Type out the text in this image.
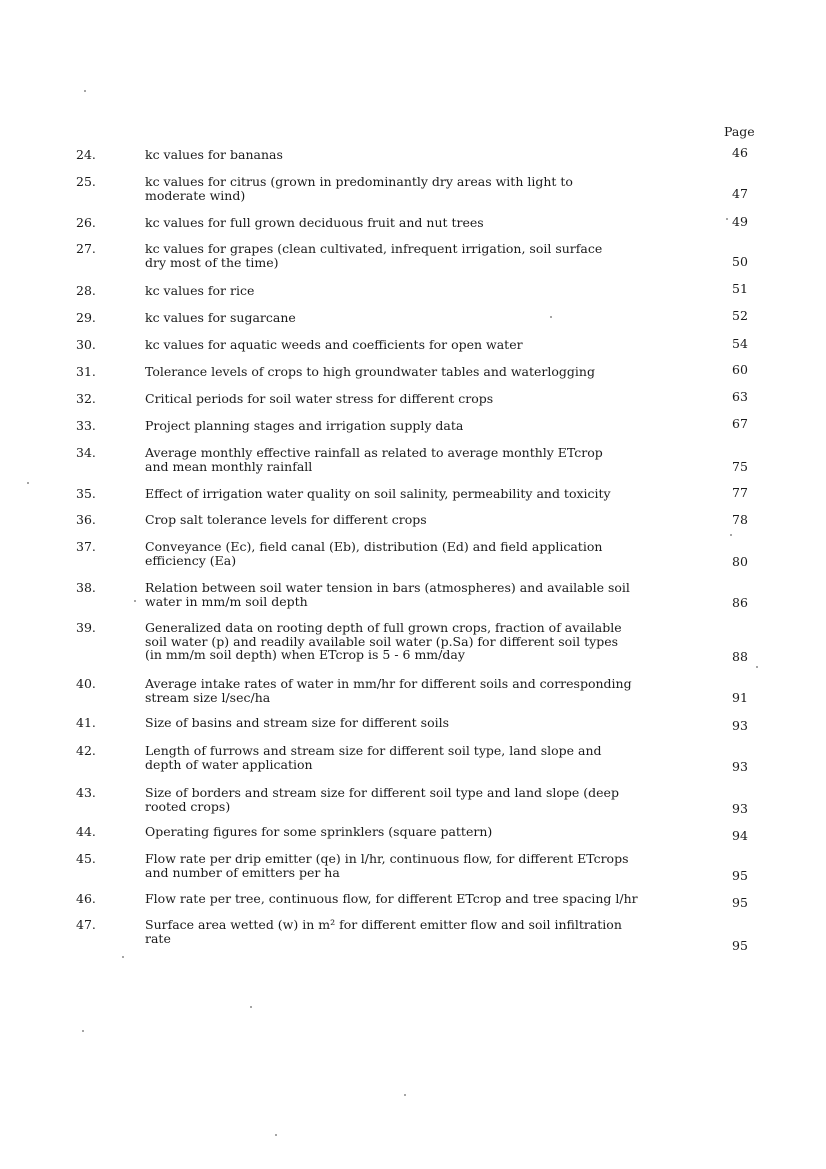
Page
24.	kc values for bananas	46
25.	kc values for citrus (grown in predominantly dry areas with light to
moderate wind)	47
26.	kc values for full grown deciduous fruit and nut trees	49
27.	kc values for grapes (clean cultivated, infrequent irrigation, soil surface
dry most of the time)	50
28.	kc values for rice	51
29.	kc values for sugarcane	52
30.	kc values for aquatic weeds and coefficients for open water	54
31.	Tolerance levels of crops to high groundwater tables and waterlogging	60
32.	Critical periods for soil water stress for different crops	63
33.	Project planning stages and irrigation supply data	67
34.	Average monthly effective rainfall as related to average monthly ETcrop
and mean monthly rainfall	75
35.	Effect of irrigation water quality on soil salinity, permeability and toxicity	77
36.	Crop salt tolerance levels for different crops	78
37.	Conveyance (Ec), field canal (Eb), distribution (Ed) and field application
efficiency (Ea)	80
38.	Relation between soil water tension in bars (atmospheres) and available soil
water in mm/m soil depth	86
39.	Generalized data on rooting depth of full grown crops, fraction of available
soil water (p) and readily available soil water (p.Sa) for different soil types
(in mm/m soil depth) when ETcrop is 5 - 6 mm/day	88
40.	Average intake rates of water in mm/hr for different soils and corresponding
stream size l/sec/ha	91
41.	Size of basins and stream size for different soils	93
42.	Length of furrows and stream size for different soil type, land slope and
depth of water application	93
43.	Size of borders and stream size for different soil type and land slope (deep
rooted crops)	93
44.	Operating figures for some sprinklers (square pattern)	94
45.	Flow rate per drip emitter (qe) in l/hr, continuous flow, for different ETcrops
and number of emitters per ha	95
46.	Flow rate per tree, continuous flow, for different ETcrop and tree spacing l/hr	95
47.	Surface area wetted (w) in m² for different emitter flow and soil infiltration
rate	95
